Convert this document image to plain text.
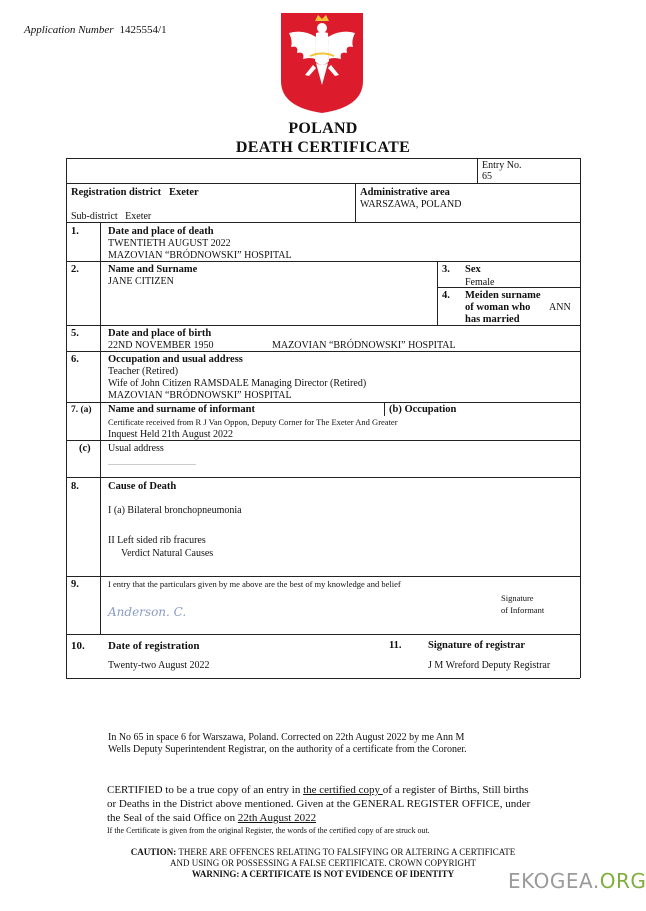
Application Number 1425554/1
POLAND
DEATH CERTIFICATE
Entry No.
65
Registration district Exeter
Sub-district Exeter
Administrative area
WARSZAWA, POLAND
1.	Date and place of death
TWENTIETH AUGUST 2022
MAZOVIAN “BRÓDNOWSKI” HOSPITAL
2.	Name and Surname
JANE CITIZEN
3. Sex
Female
4. Meiden surname
of woman who
has married
ANN
5.	Date and place of birth
22ND NOVEMBER 1950	MAZOVIAN “BRÓDNOWSKI” HOSPITAL
6.	Occupation and usual address
Teacher (Retired)
Wife of John Citizen RAMSDALE Managing Director (Retired)
MAZOVIAN “BRÓDNOWSKI” HOSPITAL
7. (a) Name and surname of informant	(b) Occupation
Certificate received from R J Van Oppon, Deputy Corner for The Exeter And Greater
Inquest Held 21th August 2022
(c) Usual address
______________________
8.	Cause of Death
I (a) Bilateral bronchopneumonia
II Left sided rib fracures
Verdict Natural Causes
9.	I entry that the particulars given by me above are the best of my knowledge and belief
Anderson. C.
Signature
of Informant
10. Date of registration
Twenty-two August 2022
11.	Signature of registrar
J M Wreford Deputy Registrar
In No 65 in space 6 for Warszawa, Poland. Corrected on 22th August 2022 by me Ann M
Wells Deputy Superintendent Registrar, on the authority of a certificate from the Coroner.
CERTIFIED to be a true copy of an entry in the certified copy of a register of Births, Still births
or Deaths in the District above mentioned. Given at the GENERAL REGISTER OFFICE, under
the Seal of the said Office on 22th August 2022
If the Certificate is given from the original Register, the words of the certified copy of are struck out.
CAUTION: THERE ARE OFFENCES RELATING TO FALSIFYING OR ALTERING A CERTIFICATE
AND USING OR POSSESSING A FALSE CERTIFICATE. CROWN COPYRIGHT
WARNING: A CERTIFICATE IS NOT EVIDENCE OF IDENTITY	EKOGEA.ORG
